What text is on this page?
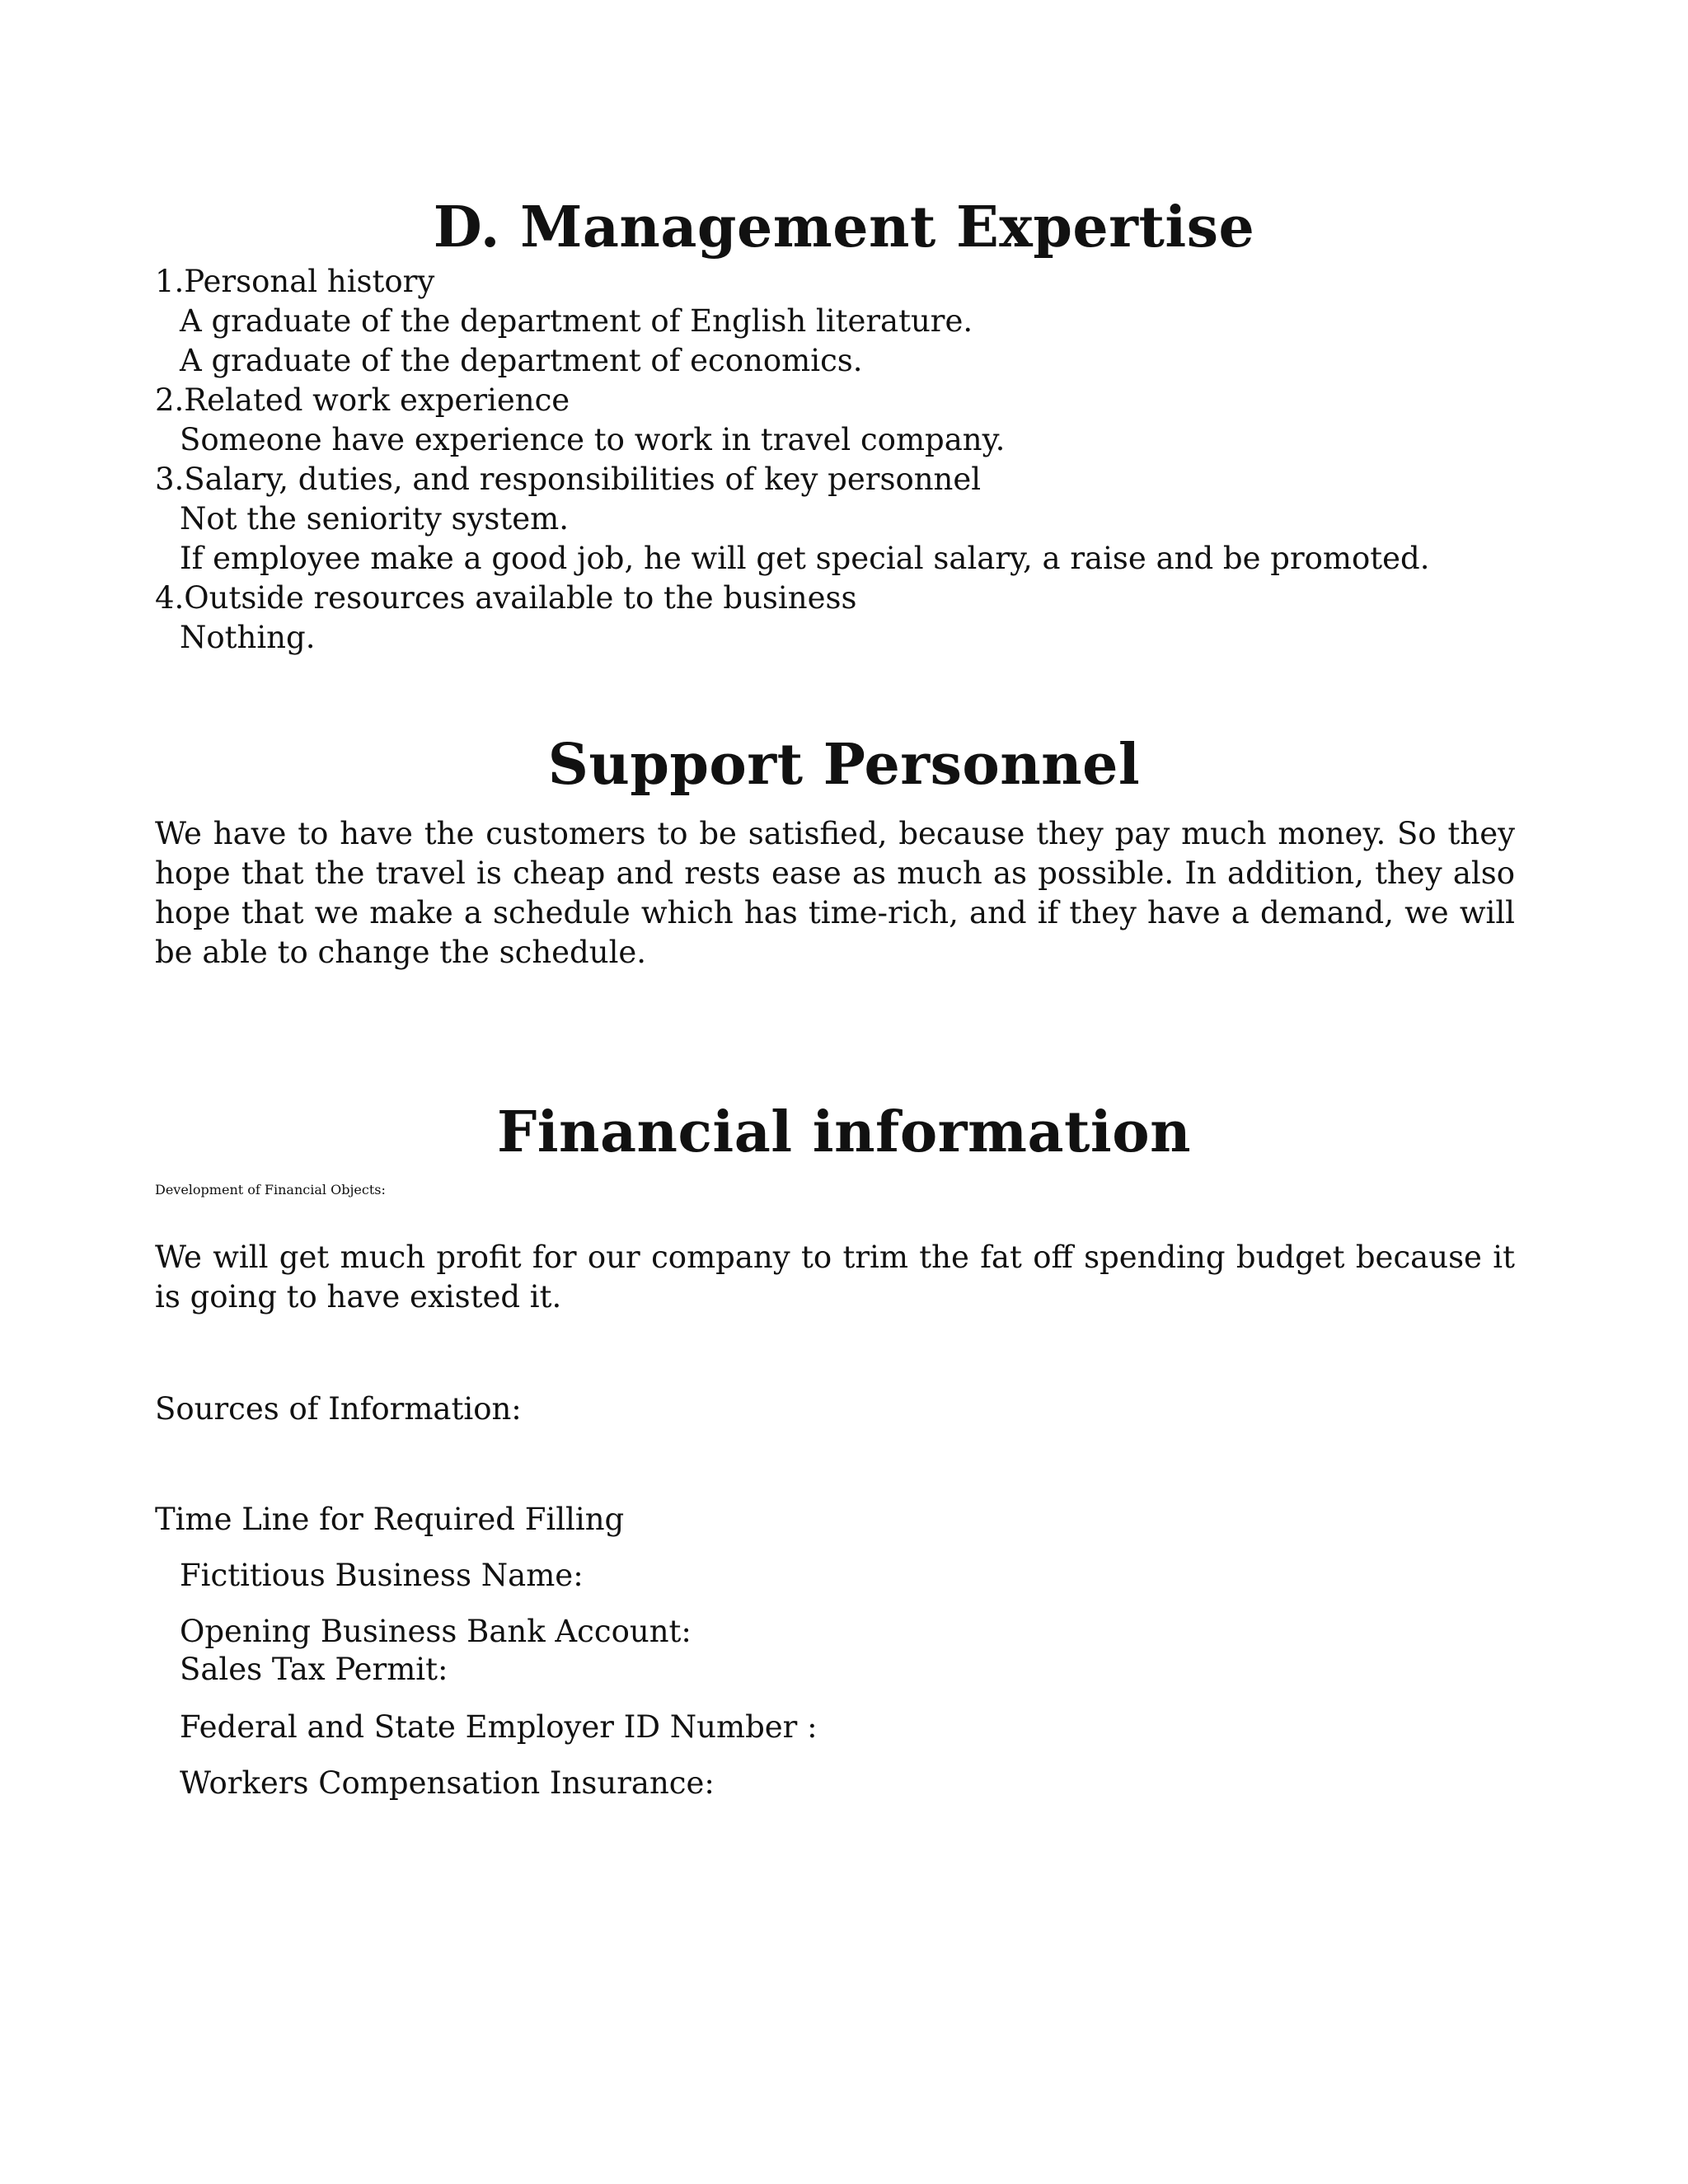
D. Management Expertise
1.Personal history
A graduate of the department of English literature.
A graduate of the department of economics.
2.Related work experience
Someone have experience to work in travel company.
3.Salary, duties, and responsibilities of key personnel
Not the seniority system.
If employee make a good job, he will get special salary, a raise and be promoted.
4.Outside resources available to the business
Nothing.
Support Personnel

We have to have the customers to be satisfied, because they pay much money. So they hope that the travel is cheap and rests ease as much as possible. In addition, they also hope that we make a schedule which has time-rich, and if they have a demand, we will be able to change the schedule.

Financial information
Development of Financial Objects:

We will get much profit for our company to trim the fat off spending budget because it is going to have existed it.

Sources of Information:
Time Line for Required Filling
Fictitious Business Name:
Opening Business Bank Account:
Sales Tax Permit:
Federal and State Employer ID Number :
Workers Compensation Insurance:
